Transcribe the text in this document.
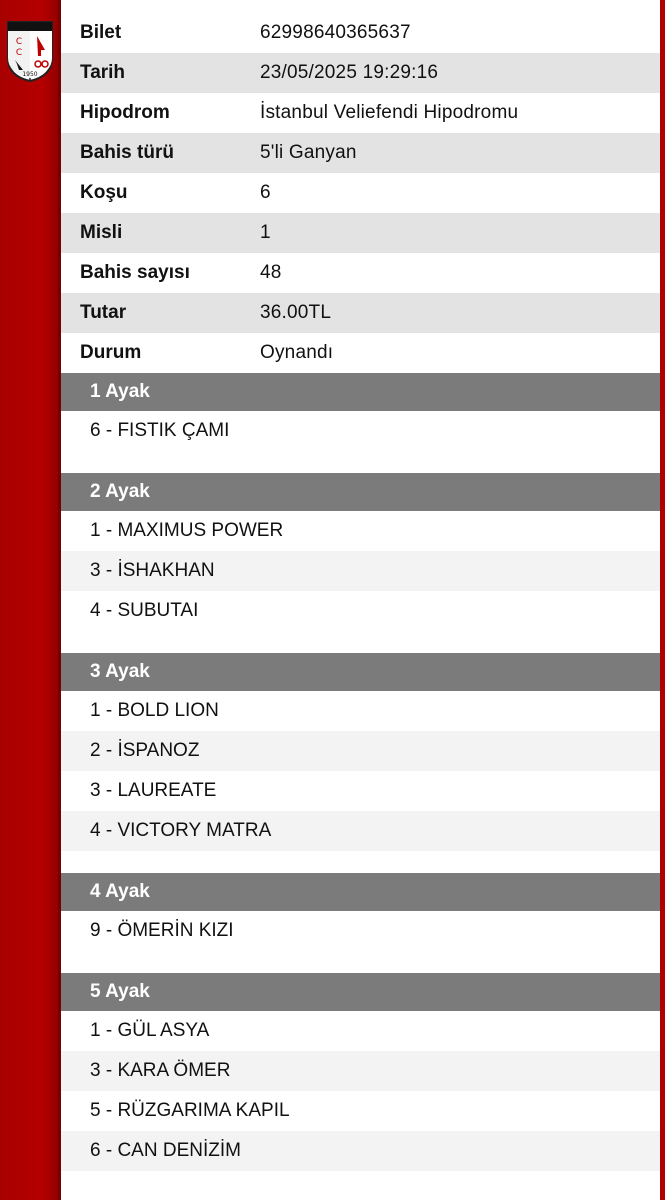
C
C
1950
Bilet	62998640365637
Tarih	23/05/2025 19:29:16
Hipodrom	İstanbul Veliefendi Hipodromu
Bahis türü	5'li Ganyan
Koşu	6
Misli	1
Bahis sayısı	48
Tutar	36.00TL
Durum	Oynandı
1 Ayak
6 - FISTIK ÇAMI
2 Ayak
1 - MAXIMUS POWER
3 - İSHAKHAN
4 - SUBUTAI
3 Ayak
1 - BOLD LION
2 - İSPANOZ
3 - LAUREATE
4 - VICTORY MATRA
4 Ayak
9 - ÖMERİN KIZI
5 Ayak
1 - GÜL ASYA
3 - KARA ÖMER
5 - RÜZGARIMA KAPIL
6 - CAN DENİZİM
